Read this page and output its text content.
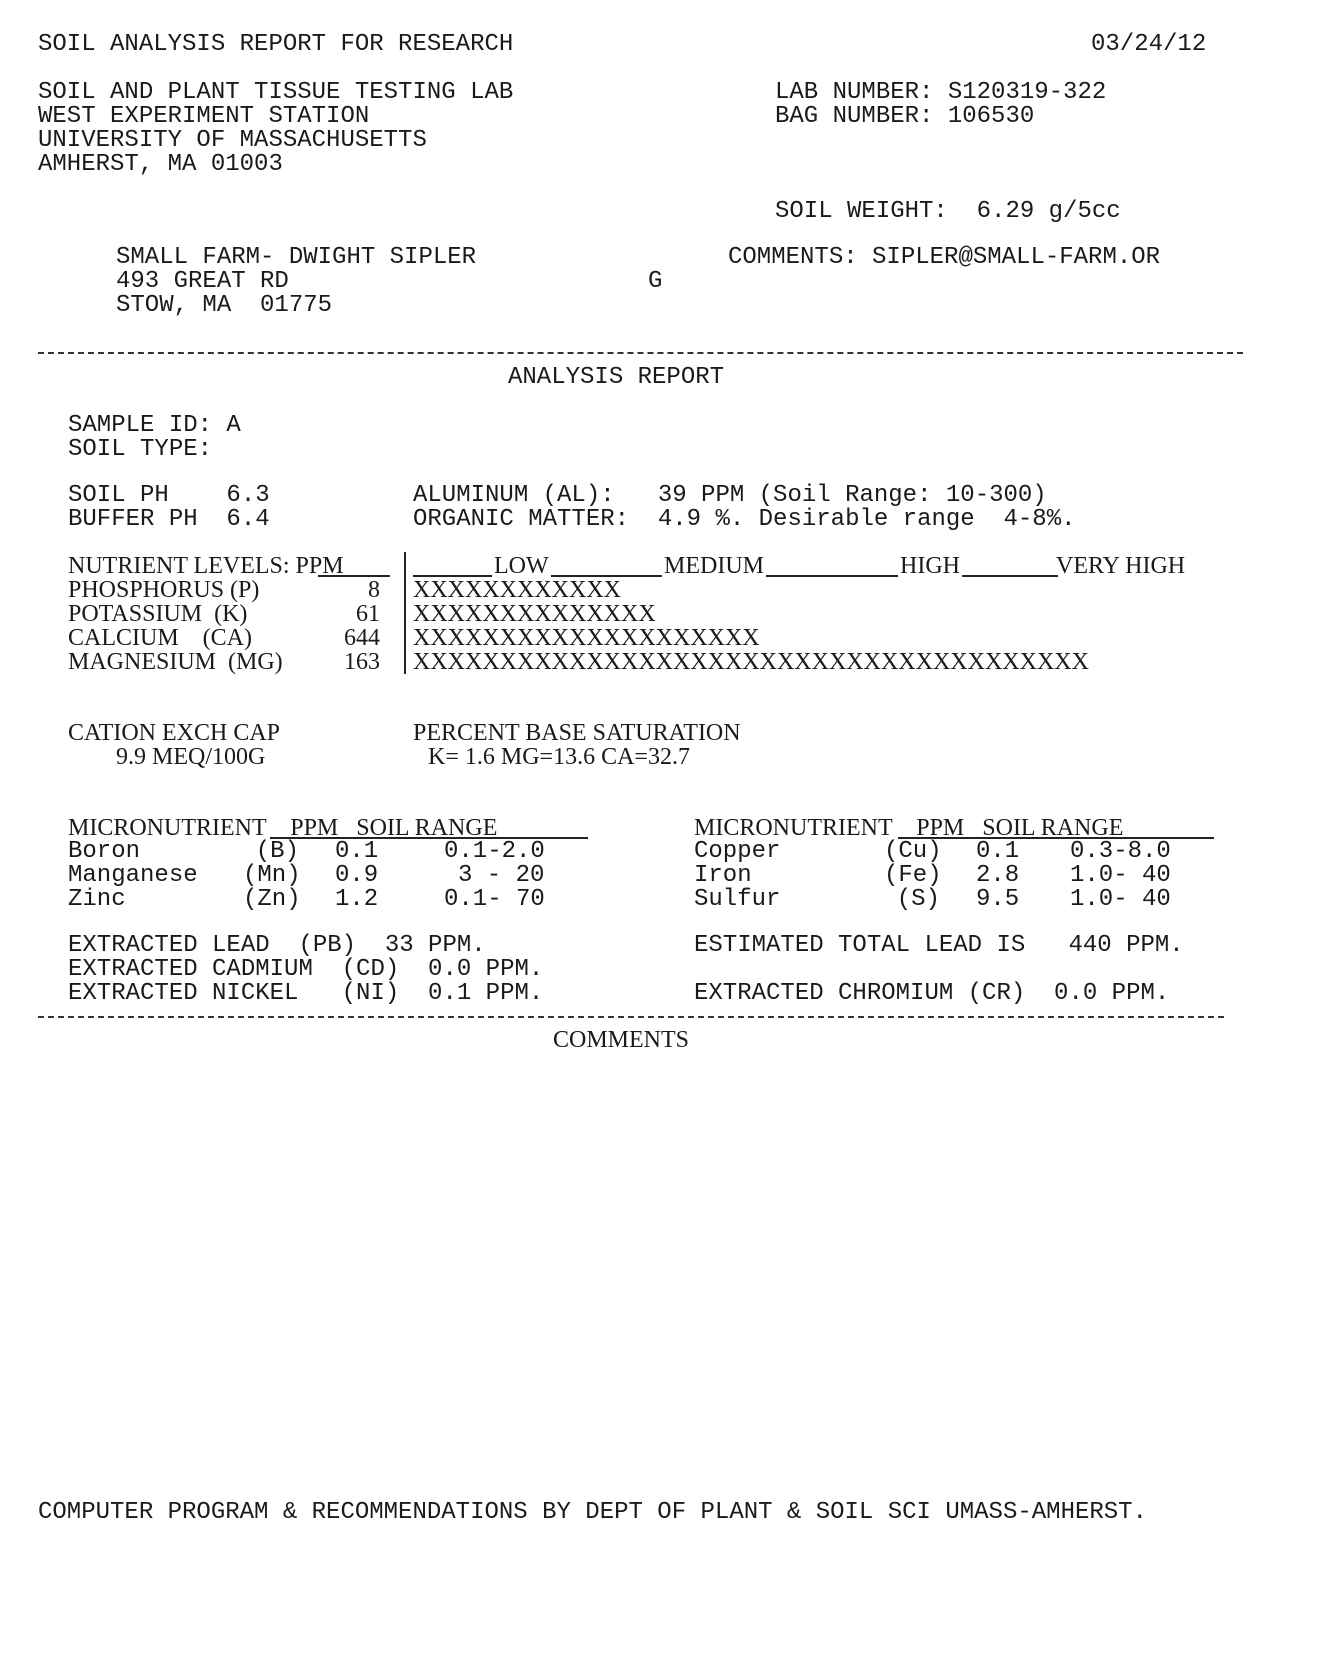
SOIL ANALYSIS REPORT FOR RESEARCH	03/24/12
SOIL AND PLANT TISSUE TESTING LAB
WEST EXPERIMENT STATION
UNIVERSITY OF MASSACHUSETTS
AMHERST, MA 01003
LAB NUMBER: S120319-322
BAG NUMBER: 106530
SOIL WEIGHT:  6.29 g/5cc
SMALL FARM- DWIGHT SIPLER
493 GREAT RD
STOW, MA  01775
G
COMMENTS: SIPLER@SMALL-FARM.OR
ANALYSIS REPORT
SAMPLE ID: A
SOIL TYPE:
SOIL PH    6.3
BUFFER PH  6.4
ALUMINUM (AL):   39 PPM (Soil Range: 10-300)
ORGANIC MATTER:  4.9 %. Desirable range  4-8%.
NUTRIENT LEVELS: PPM	LOW	MEDIUM	HIGH	VERY HIGH
PHOSPHORUS (P)	8 XXXXXXXXXXXX
POTASSIUM  (K)	61 XXXXXXXXXXXXXX
CALCIUM    (CA)	644 XXXXXXXXXXXXXXXXXXXX
MAGNESIUM  (MG)	163 XXXXXXXXXXXXXXXXXXXXXXXXXXXXXXXXXXXXXXX
CATION EXCH CAP
9.9 MEQ/100G
PERCENT BASE SATURATION
K= 1.6 MG=13.6 CA=32.7
MICRONUTRIENT    PPM   SOIL RANGE	MICRONUTRIENT    PPM   SOIL RANGE
Boron	(B) 0.1	0.1-2.0
Manganese (Mn) 0.9	3 - 20
Zinc	(Zn) 1.2	0.1- 70
Copper	(Cu) 0.1 0.3-8.0
Iron	(Fe) 2.8 1.0- 40
Sulfur	(S) 9.5 1.0- 40
EXTRACTED LEAD  (PB)  33 PPM.	ESTIMATED TOTAL LEAD IS   440 PPM.
EXTRACTED CADMIUM  (CD)  0.0 PPM.
EXTRACTED NICKEL   (NI)  0.1 PPM.	EXTRACTED CHROMIUM (CR)  0.0 PPM.
COMMENTS
COMPUTER PROGRAM & RECOMMENDATIONS BY DEPT OF PLANT & SOIL SCI UMASS-AMHERST.
